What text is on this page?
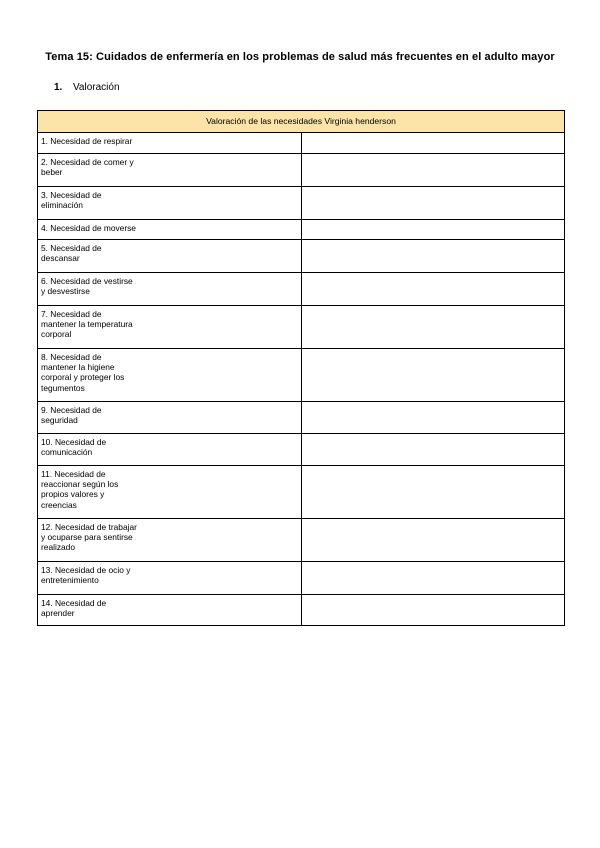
Tema 15: Cuidados de enfermería en los problemas de salud más frecuentes en el adulto mayor
1. Valoración
Valoración de las necesidades Virginia henderson	
1. Necesidad de respirar	
2. Necesidad de comer y
beber	
3. Necesidad de
eliminación	
4. Necesidad de moverse	
5. Necesidad de
descansar	
6. Necesidad de vestirse
y desvestirse	
7. Necesidad de
mantener la temperatura
corporal	
8. Necesidad de
mantener la higiene
corporal y proteger los
tegumentos	
9. Necesidad de
seguridad	
10. Necesidad de
comunicación	
11. Necesidad de
reaccionar según los
propios valores y
creencias	
12. Necesidad de trabajar
y ocuparse para sentirse
realizado	
13. Necesidad de ocio y
entretenimiento	
14. Necesidad de
aprender	
